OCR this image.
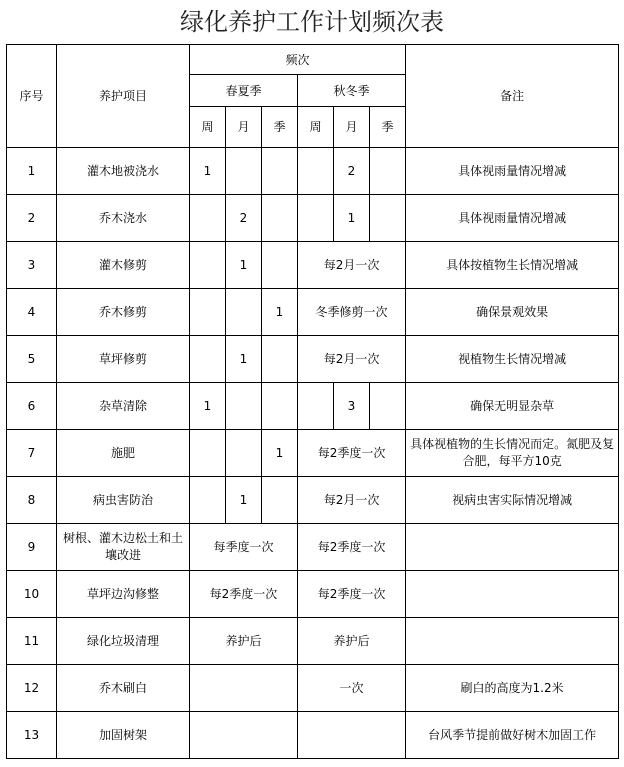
绿化养护工作计划频次表
序号	养护项目	频次						备注
		春夏季			秋冬季			
		周	月	季	周	月	季	
1	灌木地被浇水	1				2		具体视雨量情况增减
2	乔木浇水		2			1		具体视雨量情况增减
3	灌木修剪		1		每2月一次			具体按植物生长情况增减
4	乔木修剪			1	冬季修剪一次			确保景观效果
5	草坪修剪		1		每2月一次			视植物生长情况增减
6	杂草清除	1				3		确保无明显杂草
7	施肥			1	每2季度一次			具体视植物的生长情况而定。氮肥及复合肥，每平方10克
8	病虫害防治		1		每2月一次			视病虫害实际情况增减
9	树根、灌木边松土和土壤改进	每季度一次			每2季度一次			
10	草坪边沟修整	每2季度一次			每2季度一次			
11	绿化垃圾清理	养护后			养护后			
12	乔木刷白				一次			刷白的高度为1.2米
13	加固树架							台风季节提前做好树木加固工作
